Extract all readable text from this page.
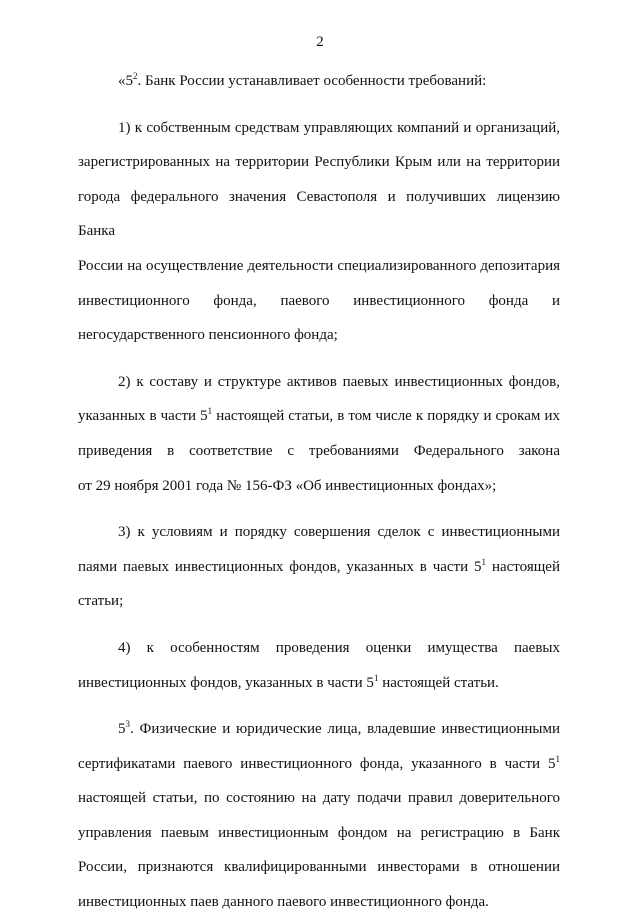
2
«$5^2$. Банк России устанавливает особенности требований:
1) к собственным средствам управляющих компаний и организаций,
зарегистрированных на территории Республики Крым или на территории
города федерального значения Севастополя и получивших лицензию Банка
России на осуществление деятельности специализированного депозитария
инвестиционного фонда, паевого инвестиционного фонда и
негосударственного пенсионного фонда;
2) к составу и структуре активов паевых инвестиционных фондов,
указанных в части $5^1$ настоящей статьи, в том числе к порядку и срокам их
приведения в соответствие с требованиями Федерального закона
от 29 ноября 2001 года № 156-ФЗ «Об инвестиционных фондах»;
3) к условиям и порядку совершения сделок с инвестиционными
паями паевых инвестиционных фондов, указанных в части $5^1$ настоящей
статьи;
4) к особенностям проведения оценки имущества паевых
инвестиционных фондов, указанных в части $5^1$ настоящей статьи.
$5^3$. Физические и юридические лица, владевшие инвестиционными
сертификатами паевого инвестиционного фонда, указанного в части $5^1$
настоящей статьи, по состоянию на дату подачи правил доверительного
управления паевым инвестиционным фондом на регистрацию в Банк
России, признаются квалифицированными инвесторами в отношении
инвестиционных паев данного паевого инвестиционного фонда.
